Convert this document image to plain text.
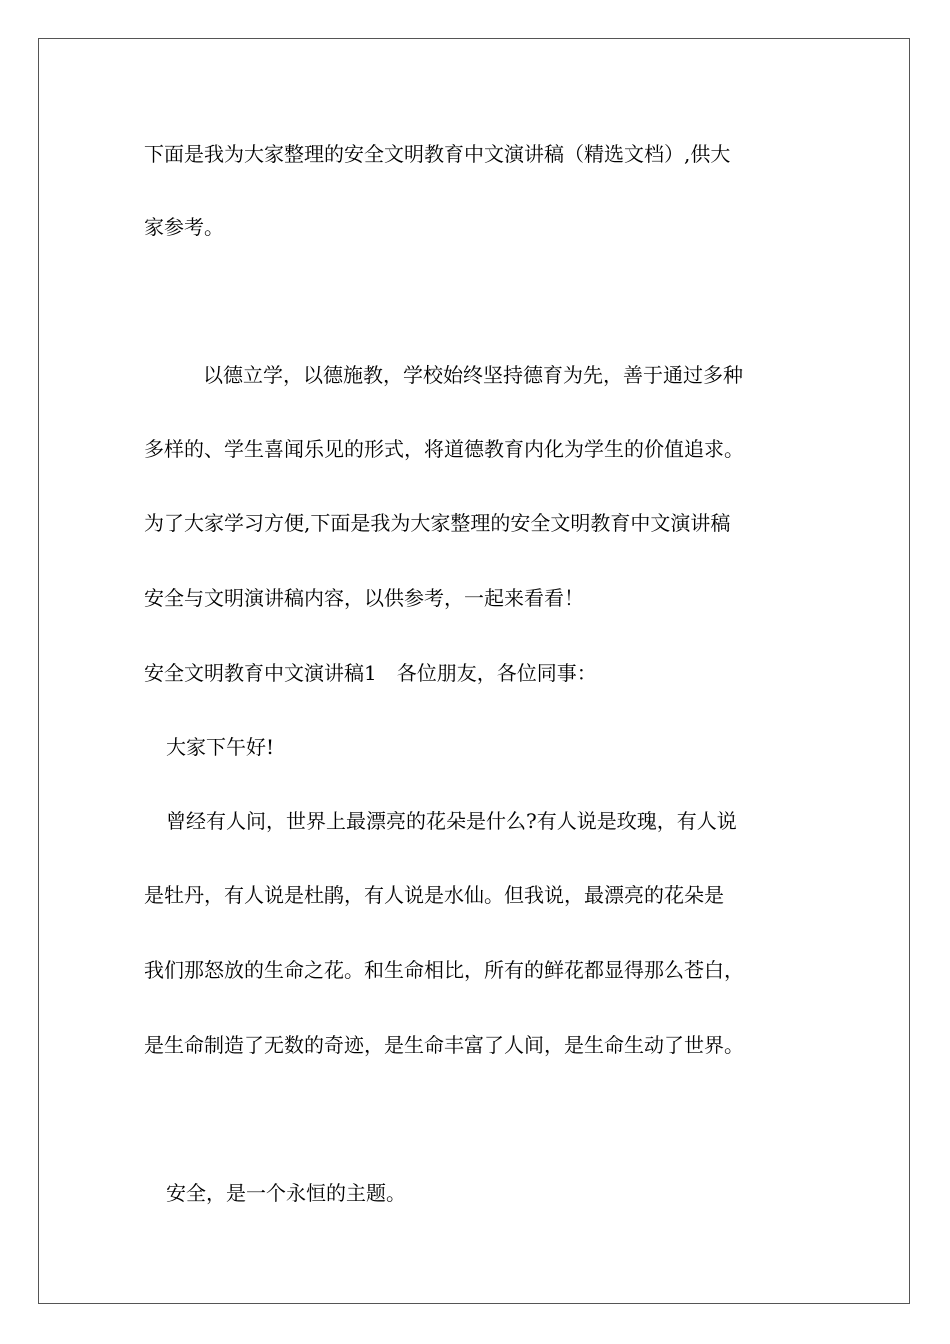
下面是我为大家整理的安全文明教育中文演讲稿（精选文档）,供大

家参考。

以德立学，以德施教，学校始终坚持德育为先，善于通过多种

多样的、学生喜闻乐见的形式，将道德教育内化为学生的价值追求。

为了大家学习方便,下面是我为大家整理的安全文明教育中文演讲稿

安全与文明演讲稿内容，以供参考，一起来看看！

安全文明教育中文演讲稿1　各位朋友，各位同事：

大家下午好!

曾经有人问，世界上最漂亮的花朵是什么?有人说是玫瑰，有人说

是牡丹，有人说是杜鹃，有人说是水仙。但我说，最漂亮的花朵是

我们那怒放的生命之花。和生命相比，所有的鲜花都显得那么苍白，

是生命制造了无数的奇迹，是生命丰富了人间，是生命生动了世界。

安全，是一个永恒的主题。
